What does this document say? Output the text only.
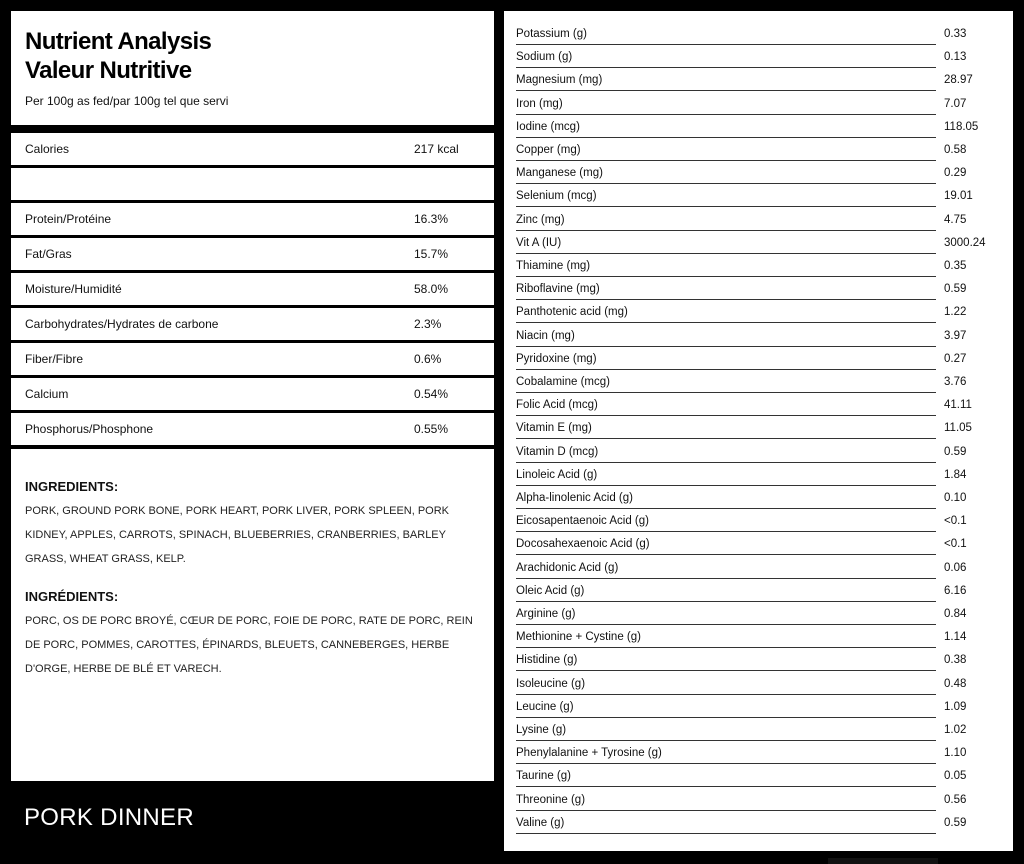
Nutrient Analysis
Valeur Nutritive
Per 100g as fed/par 100g tel que servi
Calories	217 kcal
Protein/Protéine	16.3%
Fat/Gras	15.7%
Moisture/Humidité	58.0%
Carbohydrates/Hydrates de carbone	2.3%
Fiber/Fibre	0.6%
Calcium	0.54%
Phosphorus/Phosphone	0.55%
INGREDIENTS:
PORK, GROUND PORK BONE, PORK HEART, PORK LIVER, PORK SPLEEN, PORK KIDNEY, APPLES, CARROTS, SPINACH, BLUEBERRIES, CRANBERRIES, BARLEY GRASS, WHEAT GRASS, KELP.
INGRÉDIENTS:
PORC, OS DE PORC BROYÉ, CŒUR DE PORC, FOIE DE PORC, RATE DE PORC, REIN DE PORC, POMMES, CAROTTES, ÉPINARDS, BLEUETS, CANNEBERGES, HERBE D'ORGE, HERBE DE BLÉ ET VARECH.
PORK DINNER
Potassium (g)	0.33
Sodium (g)	0.13
Magnesium (mg)	28.97
Iron (mg)	7.07
Iodine (mcg)	118.05
Copper (mg)	0.58
Manganese (mg)	0.29
Selenium (mcg)	19.01
Zinc (mg)	4.75
Vit A (IU)	3000.24
Thiamine (mg)	0.35
Riboflavine (mg)	0.59
Panthotenic acid (mg)	1.22
Niacin (mg)	3.97
Pyridoxine (mg)	0.27
Cobalamine (mcg)	3.76
Folic Acid (mcg)	41.11
Vitamin E (mg)	11.05
Vitamin D (mcg)	0.59
Linoleic Acid (g)	1.84
Alpha-linolenic Acid (g)	0.10
Eicosapentaenoic Acid (g)	<0.1
Docosahexaenoic Acid (g)	<0.1
Arachidonic Acid (g)	0.06
Oleic Acid (g)	6.16
Arginine (g)	0.84
Methionine + Cystine (g)	1.14
Histidine (g)	0.38
Isoleucine (g)	0.48
Leucine (g)	1.09
Lysine (g)	1.02
Phenylalanine + Tyrosine (g)	1.10
Taurine (g)	0.05
Threonine (g)	0.56
Valine (g)	0.59
